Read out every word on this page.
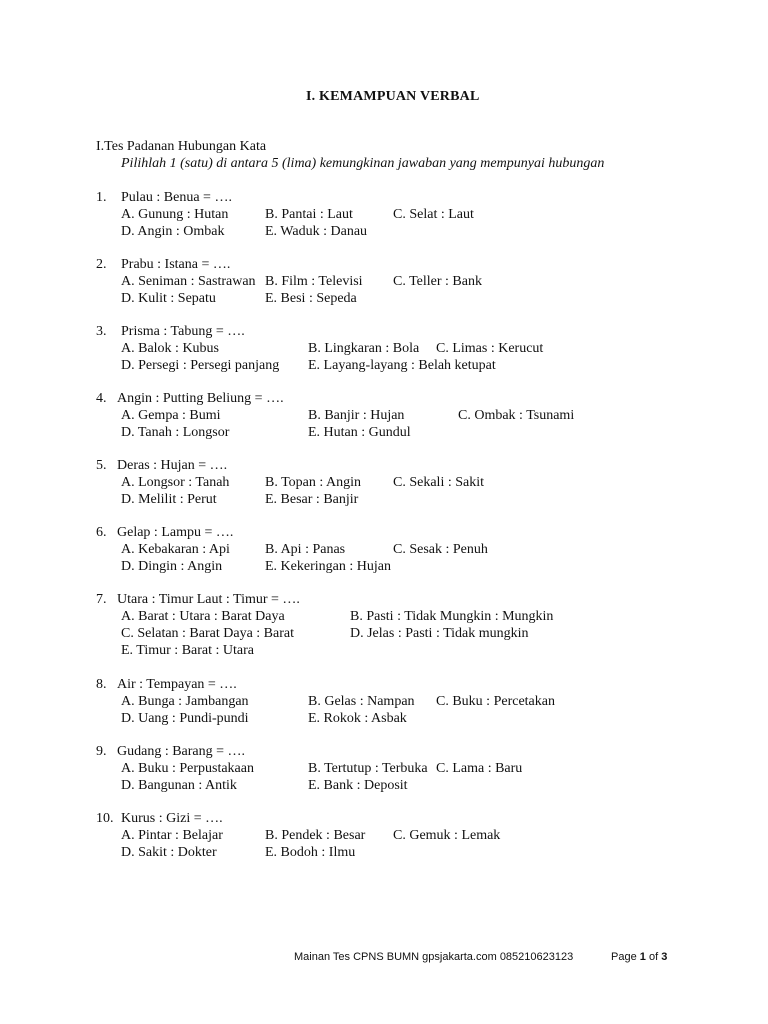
I. KEMAMPUAN VERBAL
I.Tes Padanan Hubungan Kata
Pilihlah 1 (satu) di antara 5 (lima) kemungkinan jawaban yang mempunyai hubungan
1. Pulau : Benua = ….
A. Gunung : Hutan	B. Pantai : Laut	C. Selat : Laut
D. Angin : Ombak	E. Waduk : Danau
2. Prabu : Istana = ….
A. Seniman : Sastrawan B. Film : Televisi C. Teller : Bank
D. Kulit : Sepatu	E. Besi : Sepeda
3. Prisma : Tabung = ….
A. Balok : Kubus	B. Lingkaran : Bola C. Limas : Kerucut
D. Persegi : Persegi panjang E. Layang-layang : Belah ketupat
4. Angin : Putting Beliung = ….
A. Gempa : Bumi	B. Banjir : Hujan	C. Ombak : Tsunami
D. Tanah : Longsor	E. Hutan : Gundul
5. Deras : Hujan = ….
A. Longsor : Tanah	B. Topan : Angin C. Sekali : Sakit
D. Melilit : Perut	E. Besar : Banjir
6. Gelap : Lampu = ….
A. Kebakaran : Api	B. Api : Panas	C. Sesak : Penuh
D. Dingin : Angin	E. Kekeringan : Hujan
7. Utara : Timur Laut : Timur = ….
A. Barat : Utara : Barat Daya	B. Pasti : Tidak Mungkin : Mungkin
C. Selatan : Barat Daya : Barat	D. Jelas : Pasti : Tidak mungkin
E. Timur : Barat : Utara
8. Air : Tempayan = ….
A. Bunga : Jambangan	B. Gelas : Nampan C. Buku : Percetakan
D. Uang : Pundi-pundi	E. Rokok : Asbak
9. Gudang : Barang = ….
A. Buku : Perpustakaan	B. Tertutup : Terbuka C. Lama : Baru
D. Bangunan : Antik	E. Bank : Deposit
10. Kurus : Gizi = ….
A. Pintar : Belajar	B. Pendek : Besar C. Gemuk : Lemak
D. Sakit : Dokter	E. Bodoh : Ilmu
Mainan Tes CPNS BUMN gpsjakarta.com 085210623123	Page 1 of 3
